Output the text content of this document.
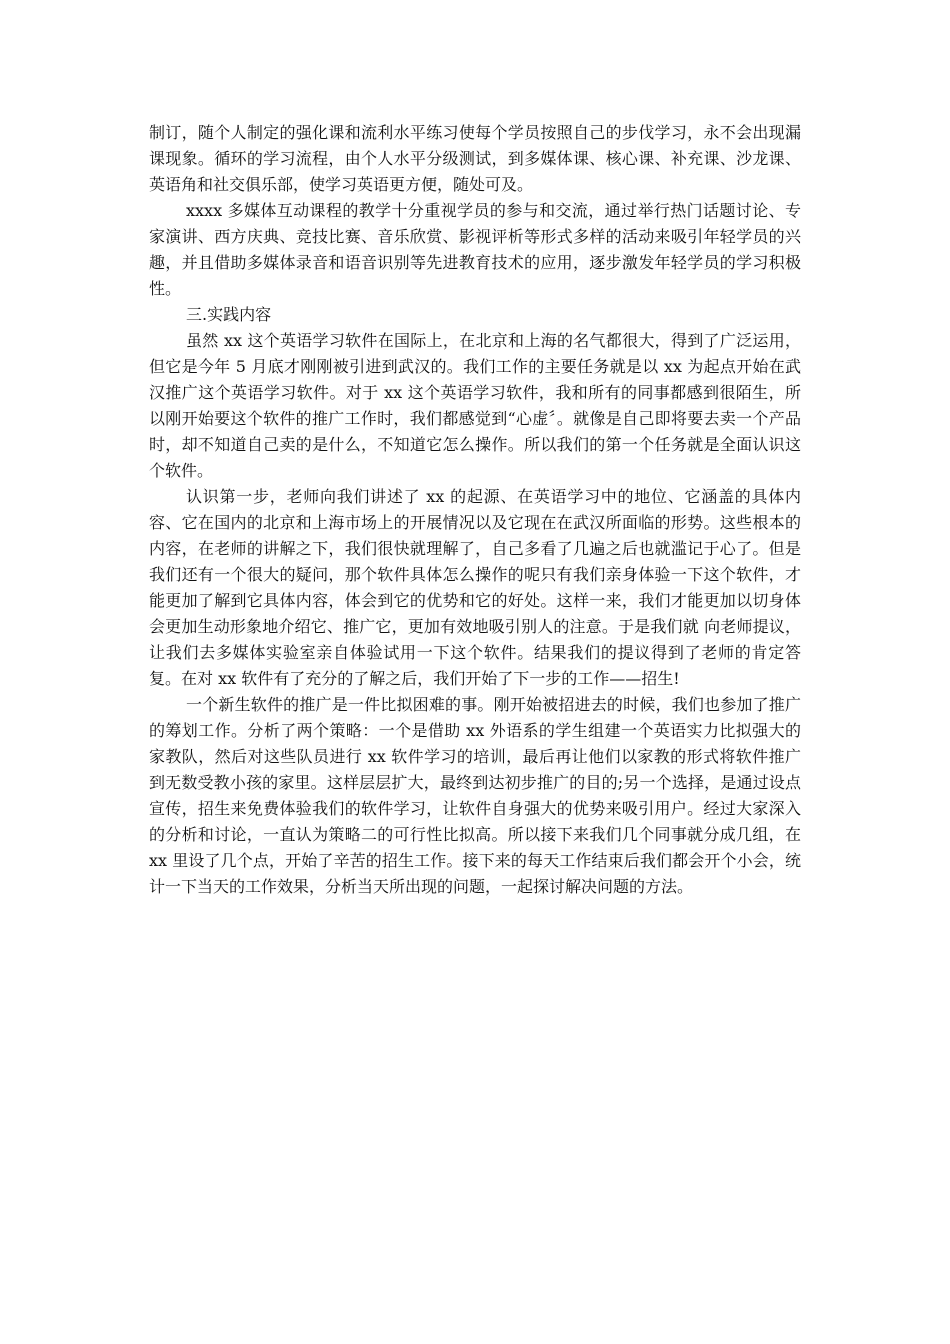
制订，随个人制定的强化课和流利水平练习使每个学员按照自己的步伐学习，永不会出现漏课现象。循环的学习流程，由个人水平分级测试，到多媒体课、核心课、补充课、沙龙课、英语角和社交俱乐部，使学习英语更方便，随处可及。

xxxx 多媒体互动课程的教学十分重视学员的参与和交流，通过举行热门话题讨论、专家演讲、西方庆典、竞技比赛、音乐欣赏、影视评析等形式多样的活动来吸引年轻学员的兴趣，并且借助多媒体录音和语音识别等先进教育技术的应用，逐步激发年轻学员的学习积极性。

三.实践内容

虽然 xx 这个英语学习软件在国际上，在北京和上海的名气都很大，得到了广泛运用，但它是今年 5 月底才刚刚被引进到武汉的。我们工作的主要任务就是以 xx 为起点开始在武汉推广这个英语学习软件。对于 xx 这个英语学习软件，我和所有的同事都感到很陌生，所以刚开始要这个软件的推广工作时，我们都感觉到“心虚〞。就像是自己即将要去卖一个产品时，却不知道自己卖的是什么，不知道它怎么操作。所以我们的第一个任务就是全面认识这个软件。

认识第一步，老师向我们讲述了 xx 的起源、在英语学习中的地位、它涵盖的具体内容、它在国内的北京和上海市场上的开展情况以及它现在在武汉所面临的形势。这些根本的内容，在老师的讲解之下，我们很快就理解了，自己多看了几遍之后也就滥记于心了。但是我们还有一个很大的疑问，那个软件具体怎么操作的呢只有我们亲身体验一下这个软件，才能更加了解到它具体内容，体会到它的优势和它的好处。这样一来，我们才能更加以切身体会更加生动形象地介绍它、推广它，更加有效地吸引别人的注意。于是我们就 向老师提议，让我们去多媒体实验室亲自体验试用一下这个软件。结果我们的提议得到了老师的肯定答复。在对 xx 软件有了充分的了解之后，我们开始了下一步的工作——招生!

一个新生软件的推广是一件比拟困难的事。刚开始被招进去的时候，我们也参加了推广的筹划工作。分析了两个策略：一个是借助 xx 外语系的学生组建一个英语实力比拟强大的家教队，然后对这些队员进行 xx 软件学习的培训，最后再让他们以家教的形式将软件推广到无数受教小孩的家里。这样层层扩大，最终到达初步推广的目的;另一个选择，是通过设点宣传，招生来免费体验我们的软件学习，让软件自身强大的优势来吸引用户。经过大家深入的分析和讨论，一直认为策略二的可行性比拟高。所以接下来我们几个同事就分成几组，在 xx 里设了几个点，开始了辛苦的招生工作。接下来的每天工作结束后我们都会开个小会，统计一下当天的工作效果，分析当天所出现的问题，一起探讨解决问题的方法。
